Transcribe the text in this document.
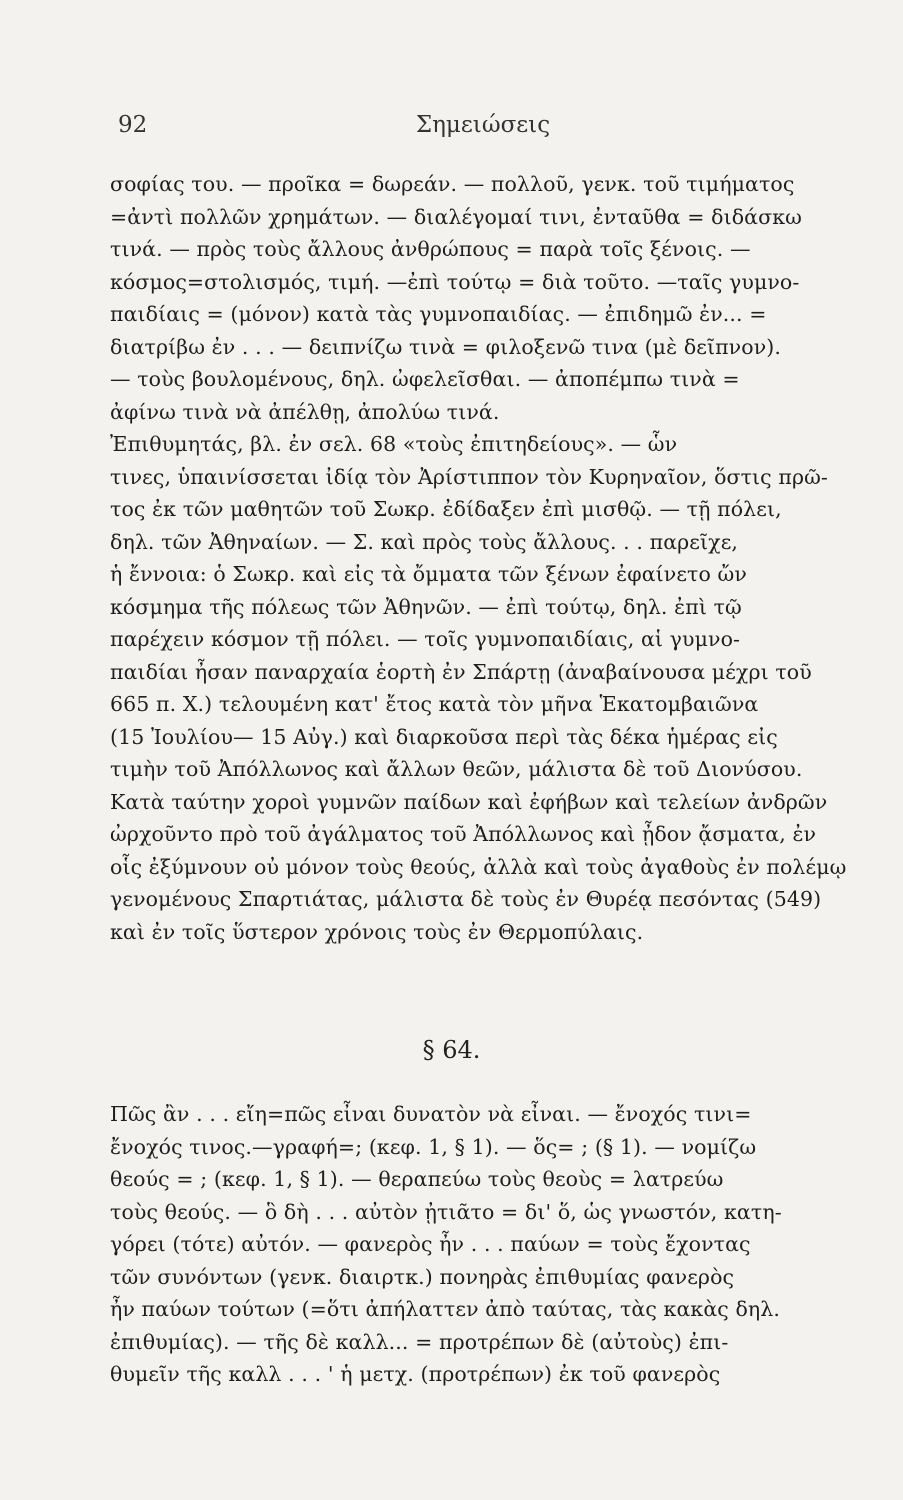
92	Σημειώσεις
σοφίας του. — προῖκα = δωρεάν. — πολλοῦ, γενκ. τοῦ τιμήματος
=ἀντὶ πολλῶν χρημάτων. — διαλέγομαί τινι, ἐνταῦθα = διδάσκω
τινά. — πρὸς τοὺς ἄλλους ἀνθρώπους = παρὰ τοῖς ξένοις. —
κόσμος=στολισμός, τιμή. —ἐπὶ τούτῳ = διὰ τοῦτο. —ταῖς γυμνο-
παιδίαις = (μόνον) κατὰ τὰς γυμνοπαιδίας. — ἐπιδημῶ ἐν... =
διατρίβω ἐν . . . — δειπνίζω τινὰ = φιλοξενῶ τινα (μὲ δεῖπνον).
— τοὺς βουλομένους, δηλ. ὠφελεῖσθαι. — ἀποπέμπω τινὰ =
ἀφίνω τινὰ νὰ ἀπέλθῃ, ἀπολύω τινά.
Ἐπιθυμητάς, βλ. ἐν σελ. 68 «τοὺς ἐπιτηδείους». — ὧν
τινες, ὑπαινίσσεται ἰδίᾳ τὸν Ἀρίστιππον τὸν Κυρηναῖον, ὅστις πρῶ-
τος ἐκ τῶν μαθητῶν τοῦ Σωκρ. ἐδίδαξεν ἐπὶ μισθῷ. — τῇ πόλει,
δηλ. τῶν Ἀθηναίων. — Σ. καὶ πρὸς τοὺς ἄλλους. . . παρεῖχε,
ἡ ἔννοια: ὁ Σωκρ. καὶ εἰς τὰ ὄμματα τῶν ξένων ἐφαίνετο ὤν
κόσμημα τῆς πόλεως τῶν Ἀθηνῶν. — ἐπὶ τούτῳ, δηλ. ἐπὶ τῷ
παρέχειν κόσμον τῇ πόλει. — τοῖς γυμνοπαιδίαις, αἱ γυμνο-
παιδίαι ἦσαν παναρχαία ἑορτὴ ἐν Σπάρτῃ (ἀναβαίνουσα μέχρι τοῦ
665 π. Χ.) τελουμένη κατ' ἔτος κατὰ τὸν μῆνα Ἑκατομβαιῶνα
(15 Ἰουλίου— 15 Αὐγ.) καὶ διαρκοῦσα περὶ τὰς δέκα ἡμέρας εἰς
τιμὴν τοῦ Ἀπόλλωνος καὶ ἄλλων θεῶν, μάλιστα δὲ τοῦ Διονύσου.
Κατὰ ταύτην χοροὶ γυμνῶν παίδων καὶ ἐφήβων καὶ τελείων ἀνδρῶν
ὠρχοῦντο πρὸ τοῦ ἀγάλματος τοῦ Ἀπόλλωνος καὶ ᾖδον ᾄσματα, ἐν
οἷς ἐξύμνουν οὐ μόνον τοὺς θεούς, ἀλλὰ καὶ τοὺς ἀγαθοὺς ἐν πολέμῳ
γενομένους Σπαρτιάτας, μάλιστα δὲ τοὺς ἐν Θυρέᾳ πεσόντας (549)
καὶ ἐν τοῖς ὕστερον χρόνοις τοὺς ἐν Θερμοπύλαις.
§ 64.
Πῶς ἂν . . . εἴη=πῶς εἶναι δυνατὸν νὰ εἶναι. — ἔνοχός τινι=
ἔνοχός τινος.—γραφή=; (κεφ. 1, § 1). — ὅς= ; (§ 1). — νομίζω
θεούς = ; (κεφ. 1, § 1). — θεραπεύω τοὺς θεοὺς = λατρεύω
τοὺς θεούς. — ὃ δὴ . . . αὐτὸν ᾐτιᾶτο = δι' ὅ, ὡς γνωστόν, κατη-
γόρει (τότε) αὐτόν. — φανερὸς ἦν . . . παύων = τοὺς ἔχοντας
τῶν συνόντων (γενκ. διαιρτκ.) πονηρὰς ἐπιθυμίας φανερὸς
ἦν παύων τούτων (=ὅτι ἀπήλαττεν ἀπὸ ταύτας, τὰς κακὰς δηλ.
ἐπιθυμίας). — τῆς δὲ καλλ... = προτρέπων δὲ (αὐτοὺς) ἐπι-
θυμεῖν τῆς καλλ . . . ' ἡ μετχ. (προτρέπων) ἐκ τοῦ φανερὸς
